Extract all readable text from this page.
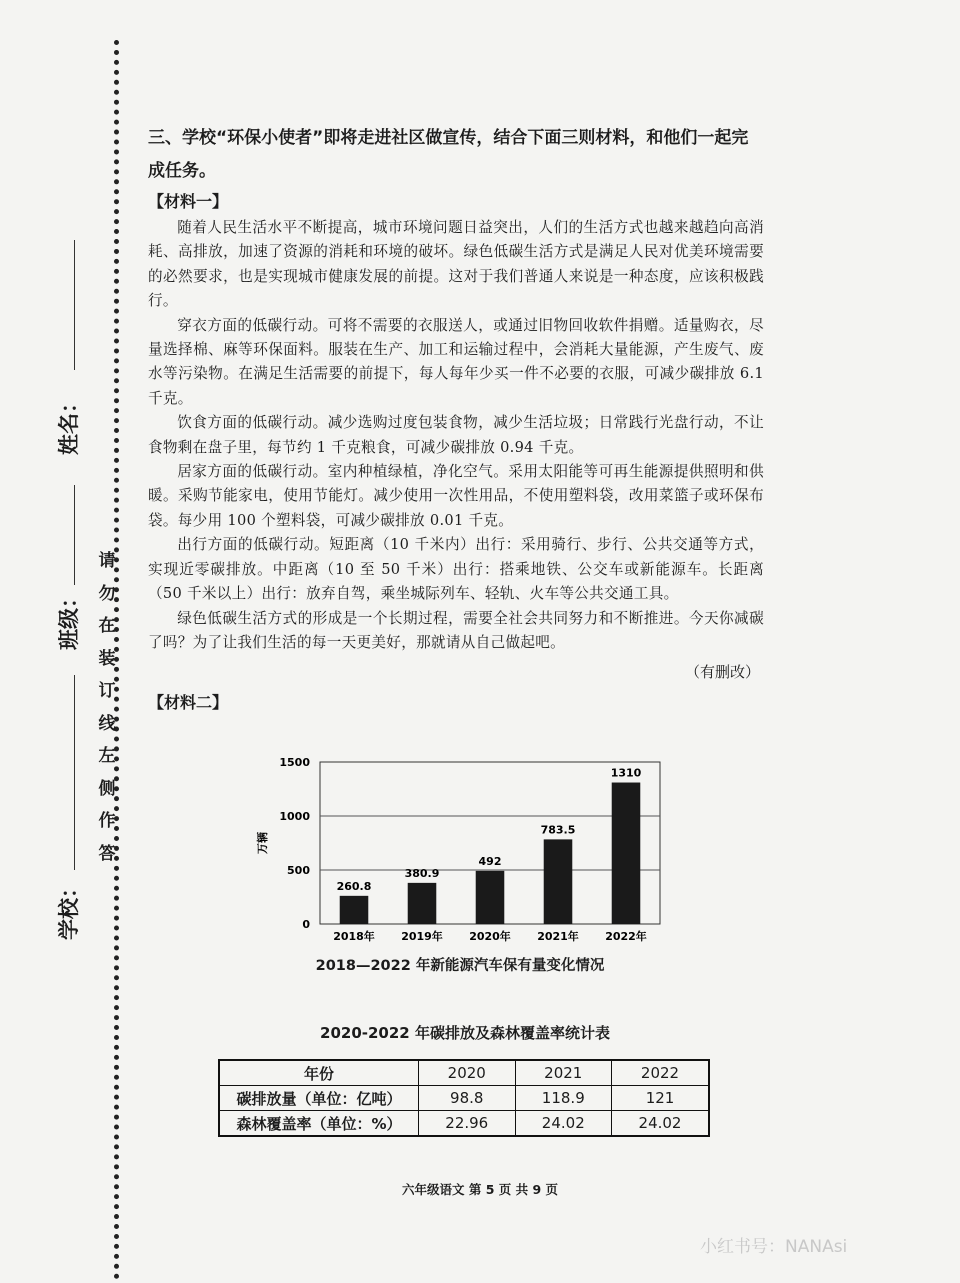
姓名：
班级：
学校：
请勿在装订线左侧作答

三、学校“环保小使者”即将走进社区做宣传，结合下面三则材料，和他们一起完成任务。

【材料一】

随着人民生活水平不断提高，城市环境问题日益突出，人们的生活方式也越来越趋向高消耗、高排放，加速了资源的消耗和环境的破坏。绿色低碳生活方式是满足人民对优美环境需要的必然要求，也是实现城市健康发展的前提。这对于我们普通人来说是一种态度，应该积极践行。

穿衣方面的低碳行动。可将不需要的衣服送人，或通过旧物回收软件捐赠。适量购衣，尽量选择棉、麻等环保面料。服装在生产、加工和运输过程中，会消耗大量能源，产生废气、废水等污染物。在满足生活需要的前提下，每人每年少买一件不必要的衣服，可减少碳排放 6.1 千克。

饮食方面的低碳行动。减少选购过度包装食物，减少生活垃圾；日常践行光盘行动，不让食物剩在盘子里，每节约 1 千克粮食，可减少碳排放 0.94 千克。

居家方面的低碳行动。室内种植绿植，净化空气。采用太阳能等可再生能源提供照明和供暖。采购节能家电，使用节能灯。减少使用一次性用品，不使用塑料袋，改用菜篮子或环保布袋。每少用 100 个塑料袋，可减少碳排放 0.01 千克。

出行方面的低碳行动。短距离（10 千米内）出行：采用骑行、步行、公共交通等方式，实现近零碳排放。中距离（10 至 50 千米）出行：搭乘地铁、公交车或新能源车。长距离（50 千米以上）出行：放弃自驾，乘坐城际列车、轻轨、火车等公共交通工具。

绿色低碳生活方式的形成是一个长期过程，需要全社会共同努力和不断推进。今天你减碳了吗？为了让我们生活的每一天更美好，那就请从自己做起吧。

（有删改）

【材料二】

0
500
1000
1500
万辆
260.8
2018年
380.9
2019年
492
2020年
783.5
2021年
1310
2022年
2018—2022 年新能源汽车保有量变化情况
2020-2022 年碳排放及森林覆盖率统计表
年份	2020	2021	2022
碳排放量（单位：亿吨）	98.8	118.9	121
森林覆盖率（单位：%）	22.96	24.02	24.02
六年级语文 第 5 页 共 9 页
小红书号：NANAsi
